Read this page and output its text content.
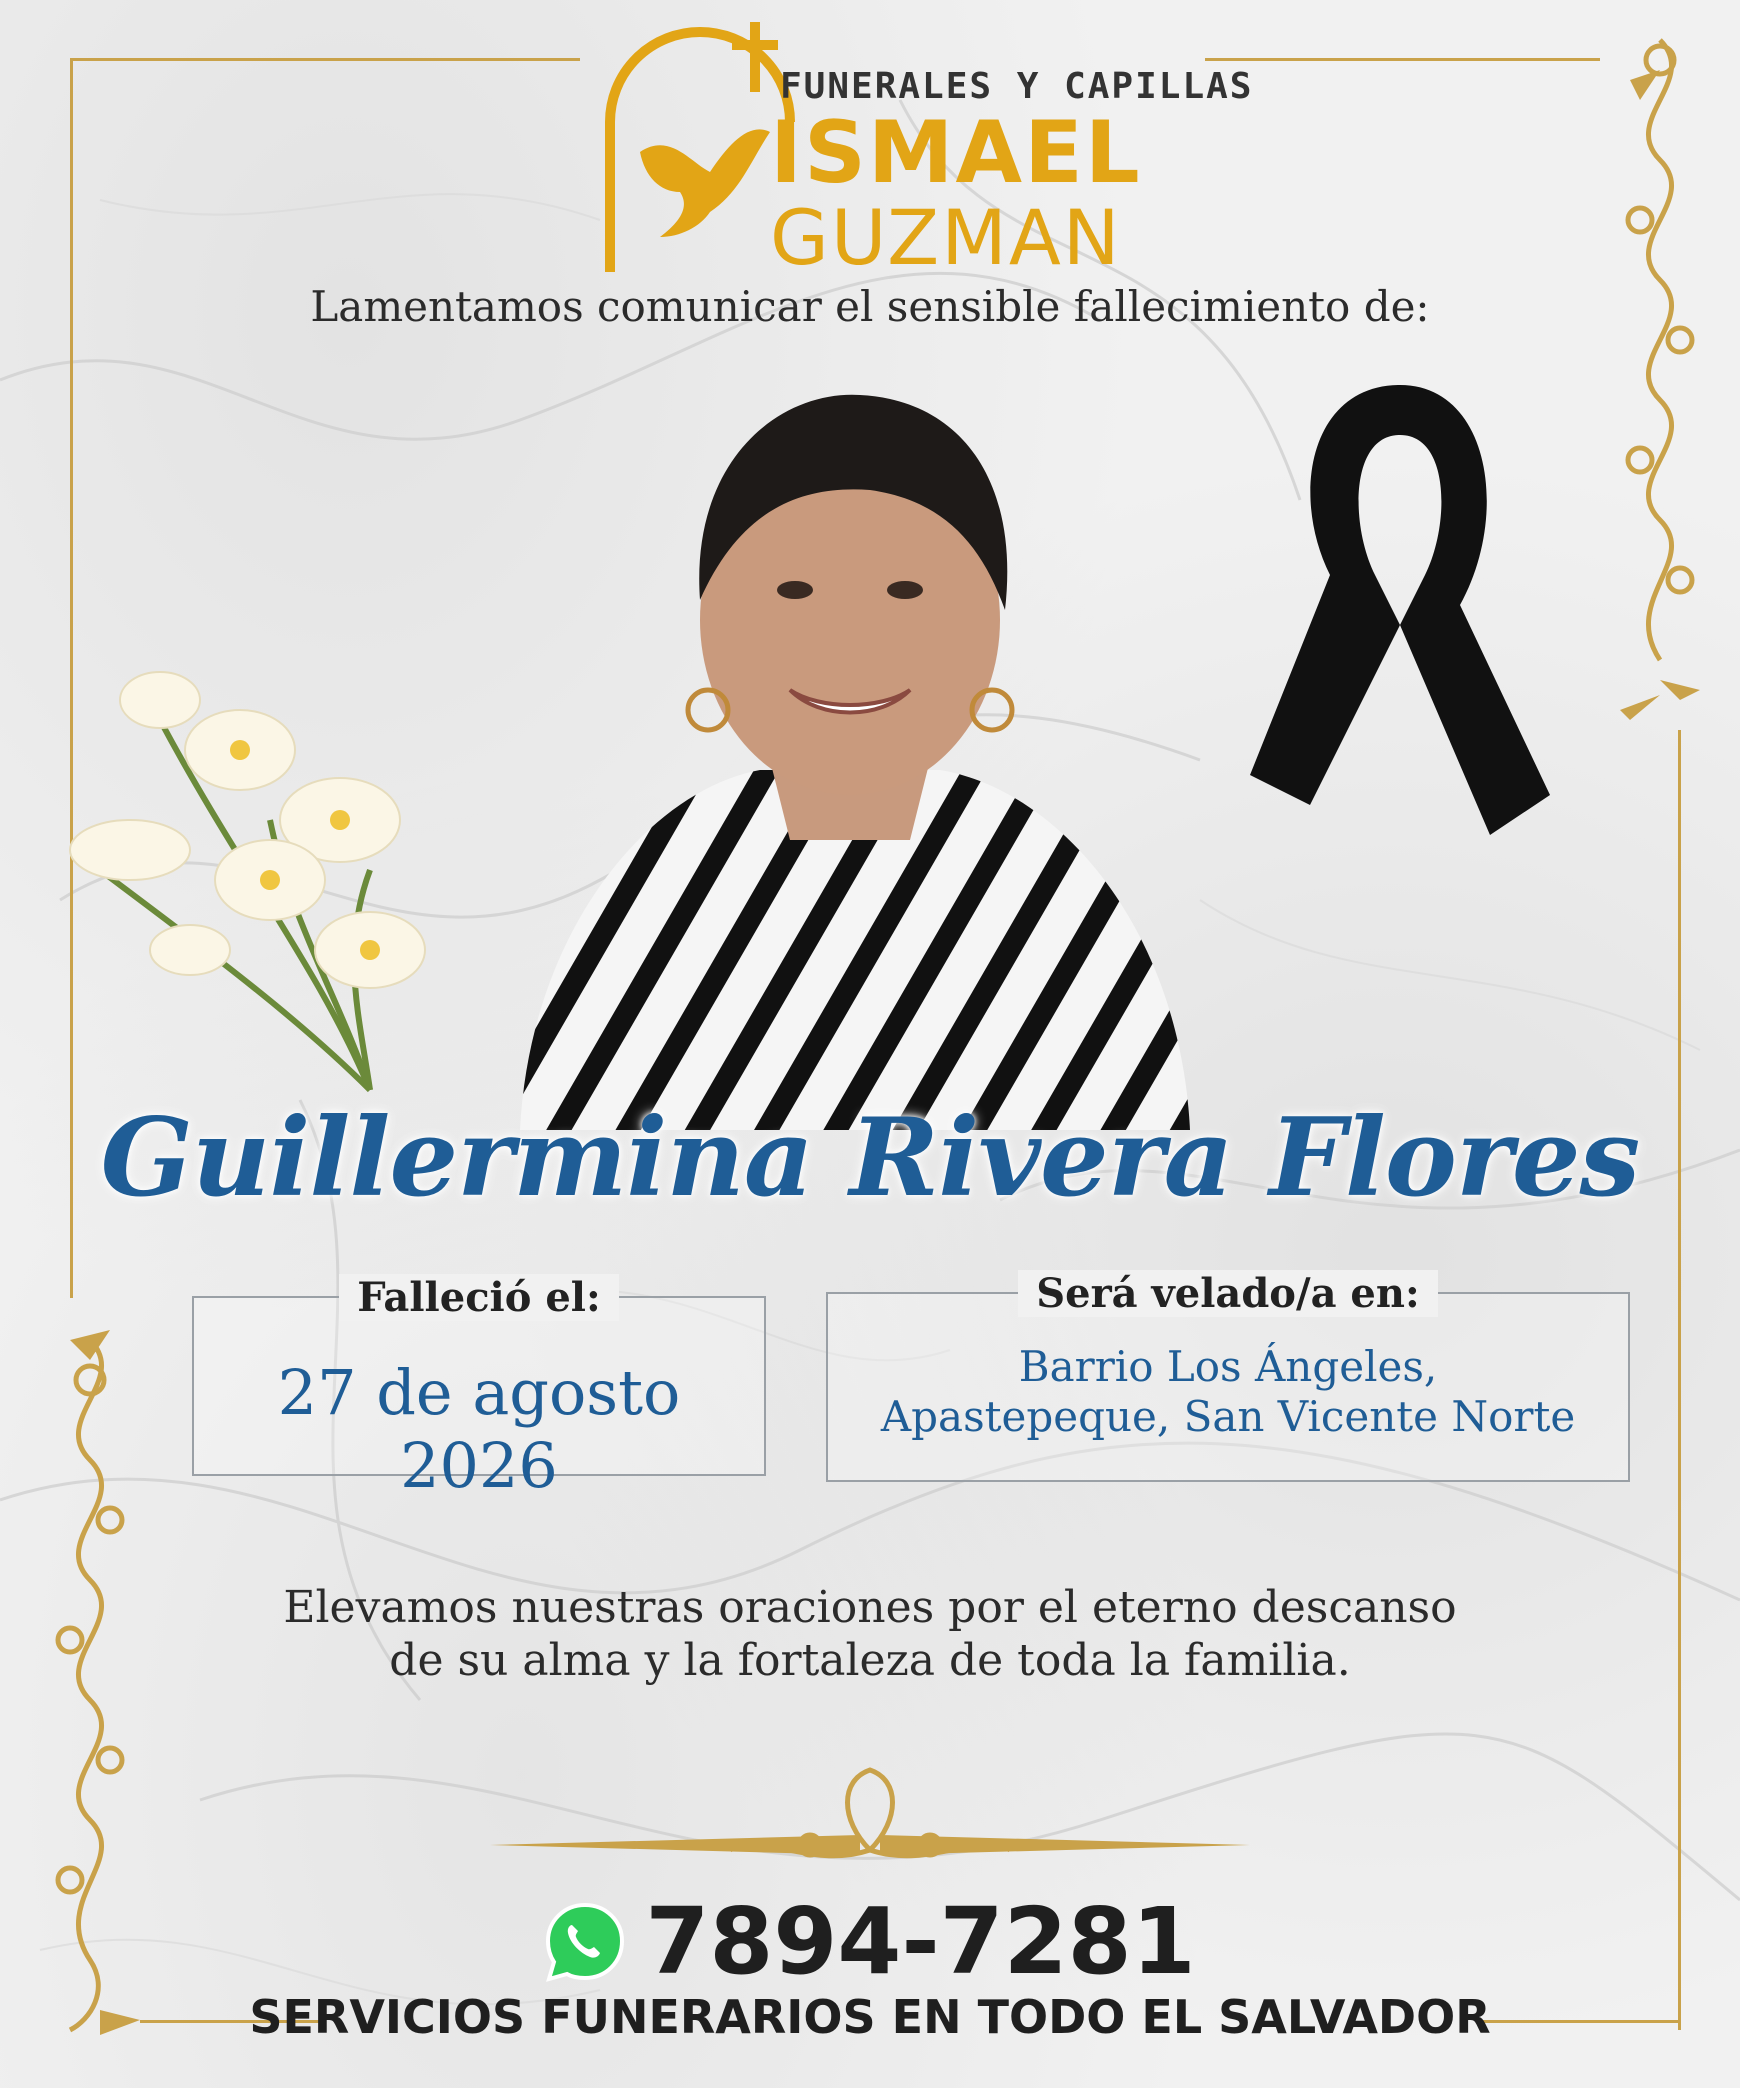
FUNERALES Y CAPILLAS
ISMAEL
GUZMAN
Lamentamos comunicar el sensible fallecimiento de:
Guillermina Rivera Flores
Falleció el:
27 de agosto 2026
Será velado/a en:
Barrio Los Ángeles,
Apastepeque, San Vicente Norte
Elevamos nuestras oraciones por el eterno descanso
de su alma y la fortaleza de toda la familia.
7894-7281
SERVICIOS FUNERARIOS EN TODO EL SALVADOR
